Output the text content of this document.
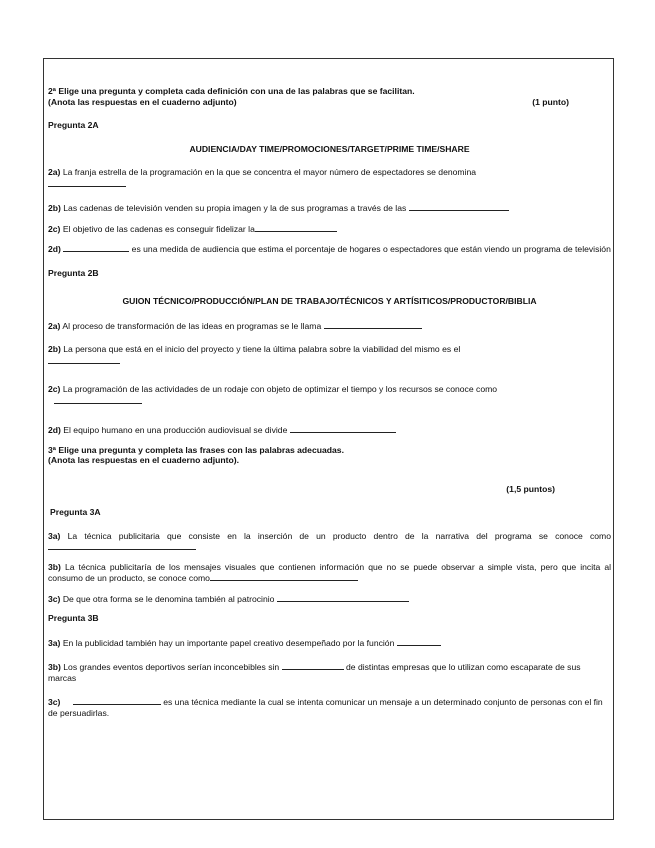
2ª Elige una pregunta y completa cada definición con una de las palabras que se facilitan.
(Anota las respuestas en el cuaderno adjunto)	(1 punto)
Pregunta 2A
AUDIENCIA/DAY TIME/PROMOCIONES/TARGET/PRIME TIME/SHARE
2a) La franja estrella de la programación en la que se concentra el mayor número de espectadores se denomina

2b) Las cadenas de televisión venden su propia imagen y la de sus programas a través de las
2c) El objetivo de las cadenas es conseguir fidelizar la
2d)	es una medida de audiencia que estima el porcentaje de hogares o espectadores que están viendo un programa de televisión
Pregunta 2B
GUION TÉCNICO/PRODUCCIÓN/PLAN DE TRABAJO/TÉCNICOS Y ARTÍSITICOS/PRODUCTOR/BIBLIA
2a) Al proceso de transformación de las ideas en programas se le llama
2b) La persona que está en el inicio del proyecto y tiene la última palabra sobre la viabilidad del mismo es el

2c) La programación de las actividades de un rodaje con objeto de optimizar el tiempo y los recursos se conoce como

2d) El equipo humano en una producción audiovisual se divide
3ª Elige una pregunta y completa las frases con las palabras adecuadas.
(Anota las respuestas en el cuaderno adjunto).
(1,5 puntos)
Pregunta 3A
3a) La técnica publicitaria que consiste en la inserción de un producto dentro de la narrativa del programa se conoce como
3b) La técnica publicitaría de los mensajes visuales que contienen información que no se puede observar a simple vista, pero que incita al consumo de un producto, se conoce como
3c) De que otra forma se le denomina también al patrocinio
Pregunta 3B
3a) En la publicidad también hay un importante papel creativo desempeñado por la función
3b) Los grandes eventos deportivos serían inconcebibles sin	de distintas empresas que lo utilizan como escaparate de sus marcas
3c)	es una técnica mediante la cual se intenta comunicar un mensaje a un determinado conjunto de personas con el fin de persuadirlas.
